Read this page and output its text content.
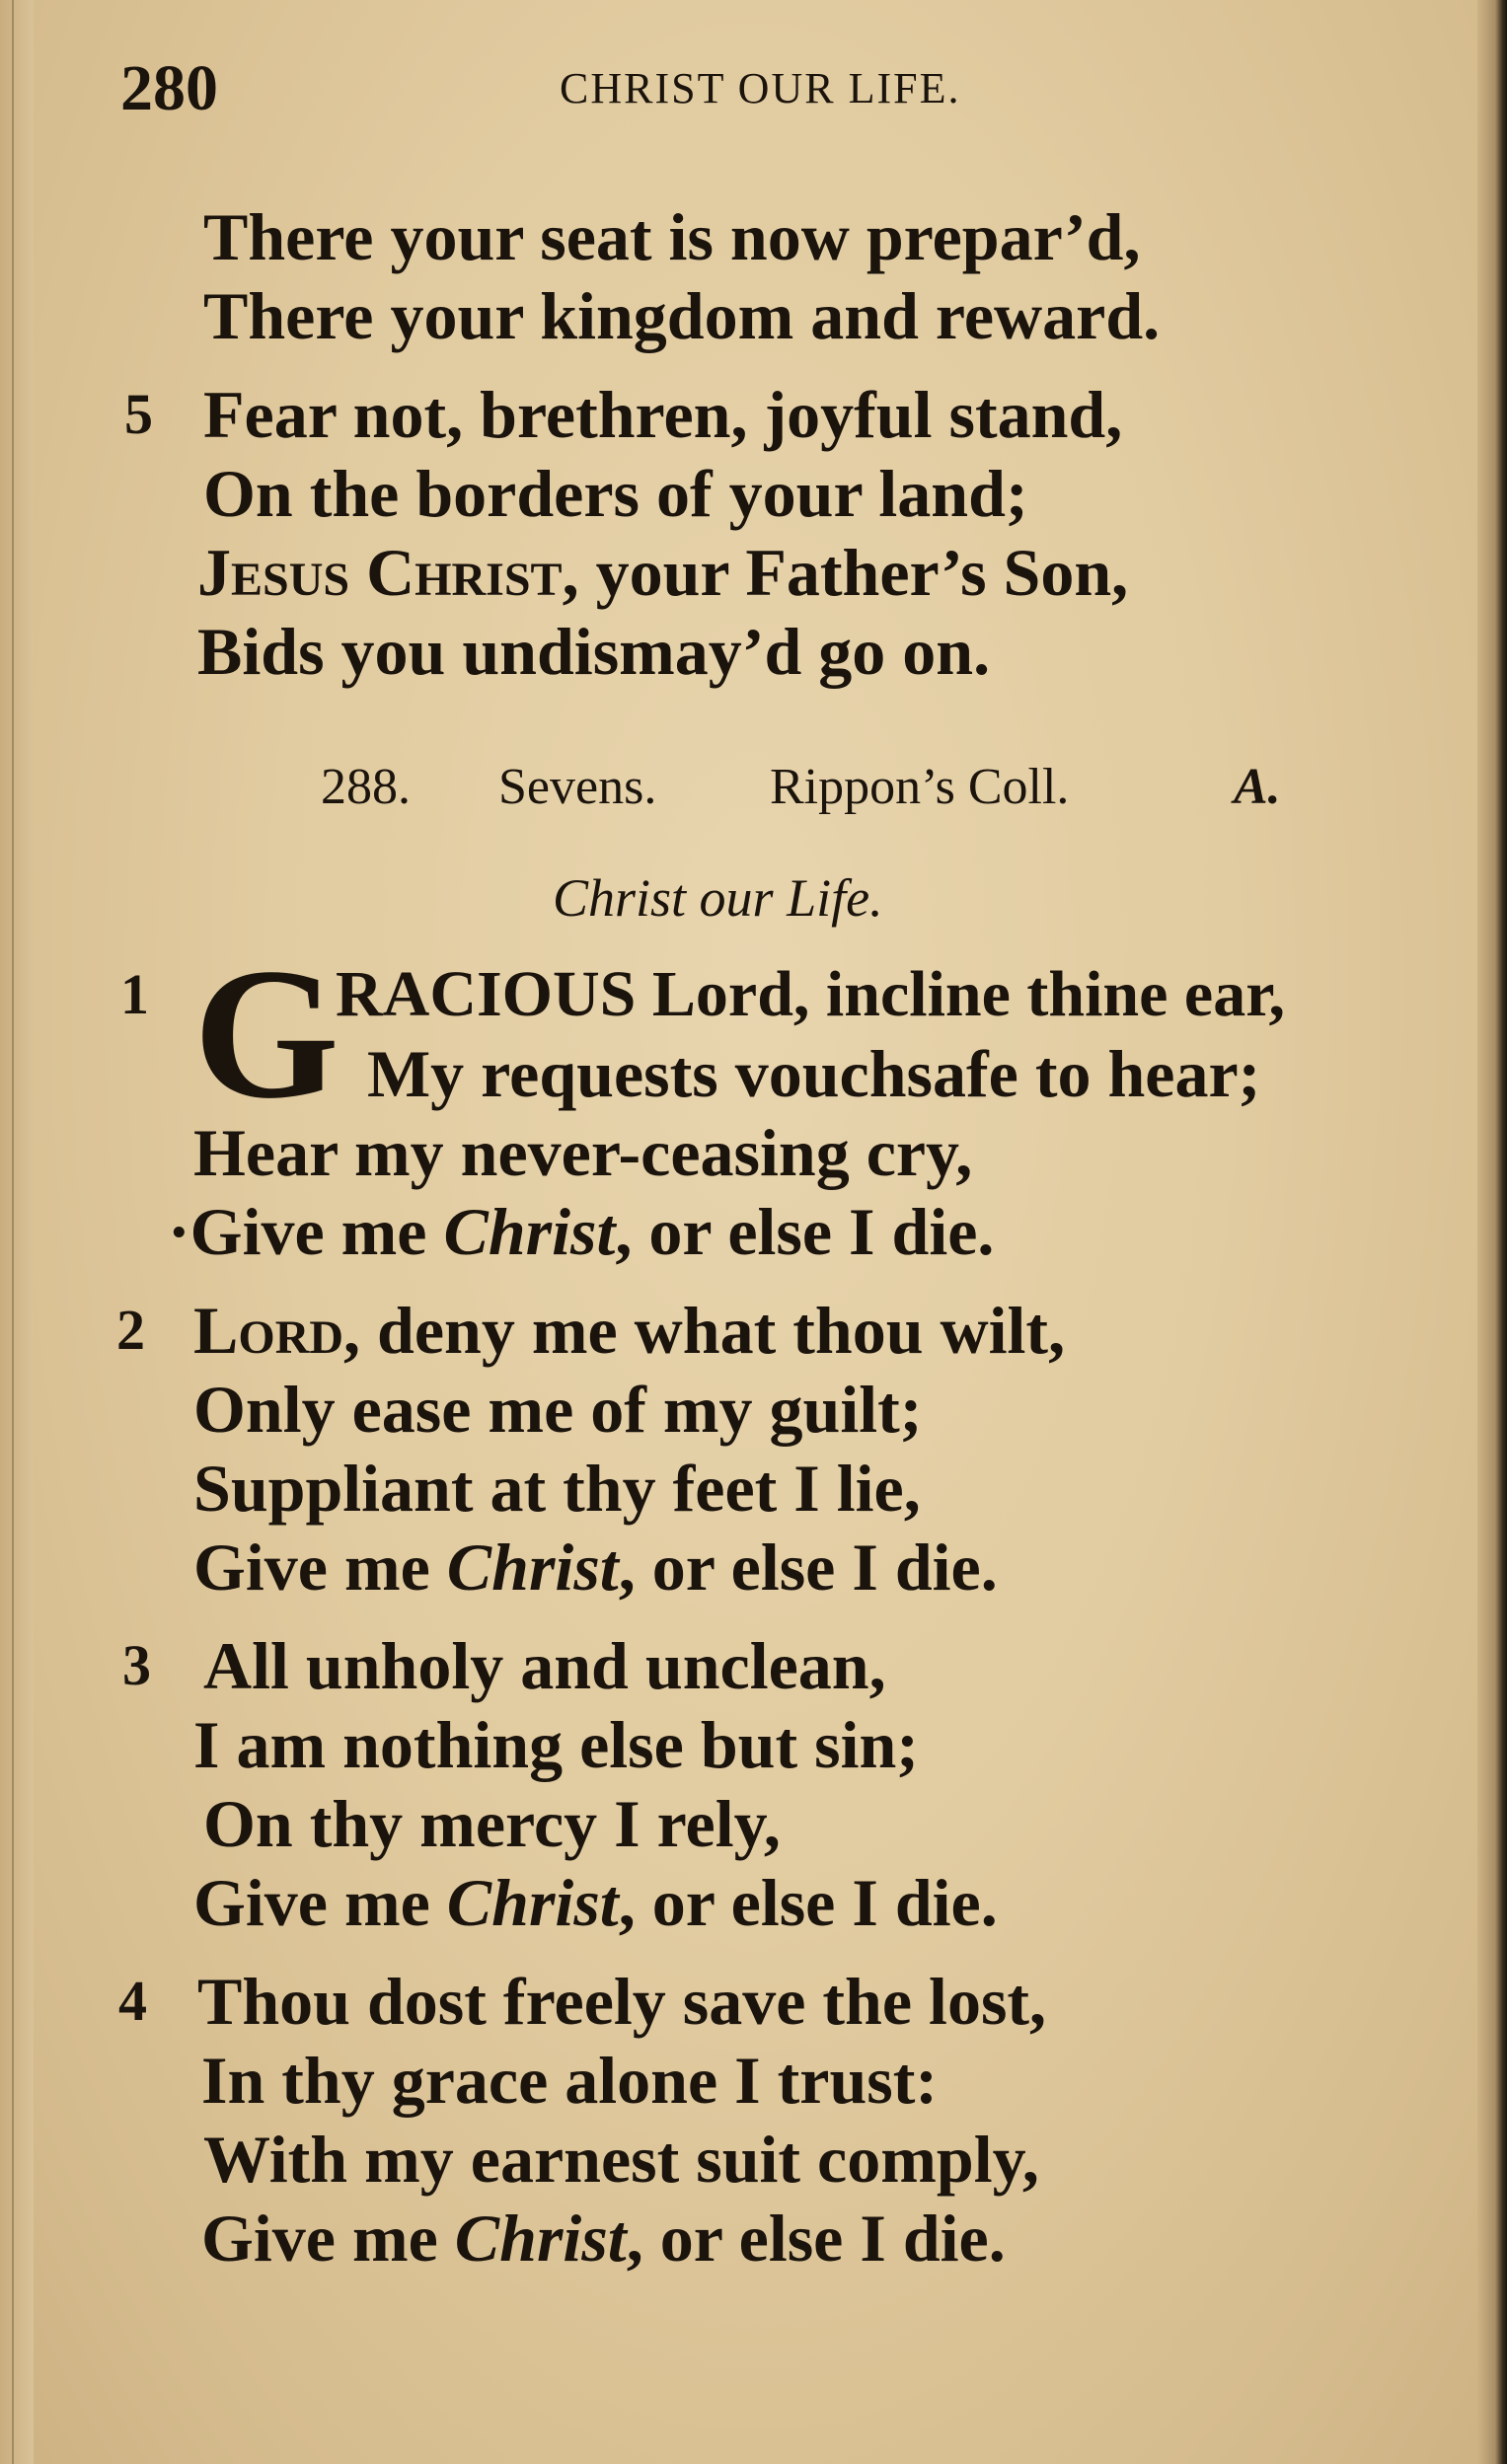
280	CHRIST OUR LIFE.
There your seat is now prepar’d,
There your kingdom and reward.
5 Fear not, brethren, joyful stand,
On the borders of your land;
Jesus Christ, your Father’s Son,
Bids you undismay’d go on.
288. Sevens. Rippon’s Coll.	A.
Christ our Life.
1 G
RACIOUS Lord, incline thine ear,
My requests vouchsafe to hear;
Hear my never-ceasing cry,
·Give me Christ, or else I die.
2 Lord, deny me what thou wilt,
Only ease me of my guilt;
Suppliant at thy feet I lie,
Give me Christ, or else I die.
3 All unholy and unclean,
I am nothing else but sin;
On thy mercy I rely,
Give me Christ, or else I die.
4 Thou dost freely save the lost,
In thy grace alone I trust:
With my earnest suit comply,
Give me Christ, or else I die.
